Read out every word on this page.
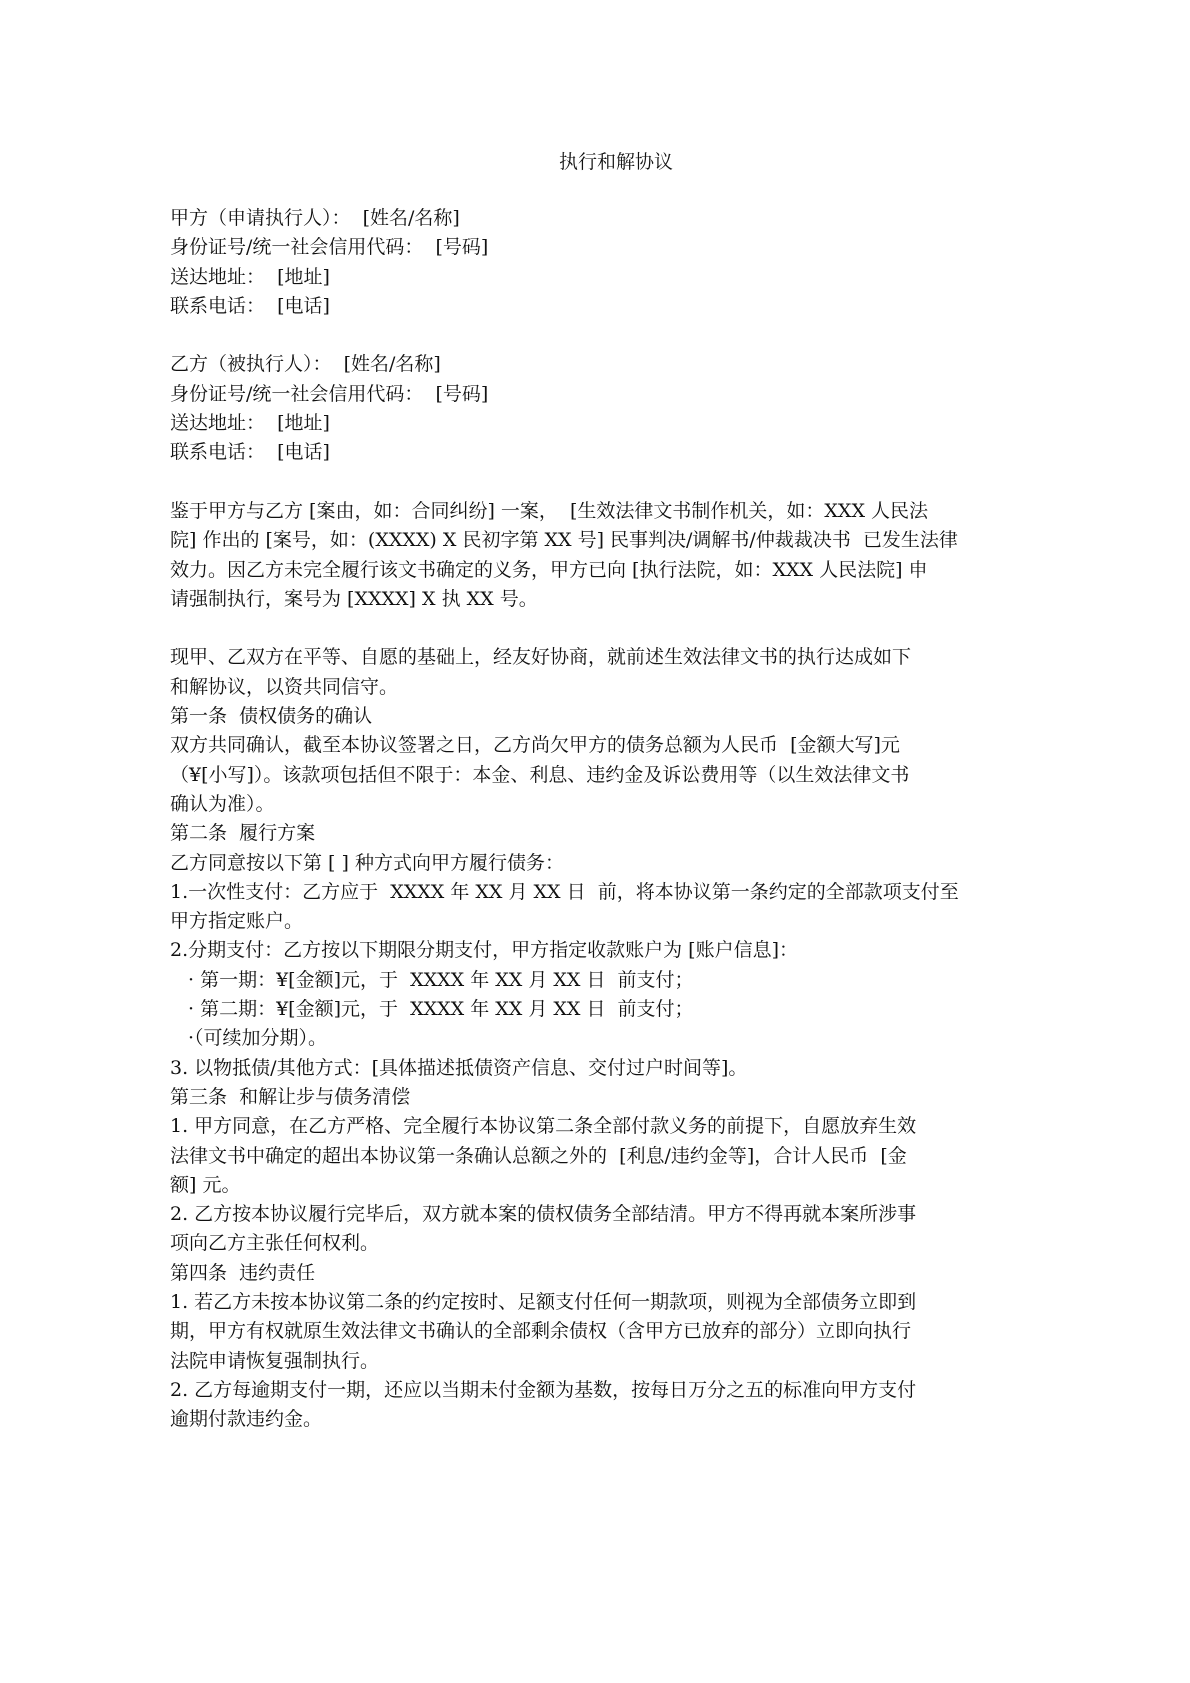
执行和解协议

甲方（申请执行人）：  [姓名/名称]

身份证号/统一社会信用代码：  [号码]

送达地址：  [地址]

联系电话：  [电话]

乙方（被执行人）：  [姓名/名称]

身份证号/统一社会信用代码：  [号码]

送达地址：  [地址]

联系电话：  [电话]

鉴于甲方与乙方 [案由，如：合同纠纷] 一案，  [生效法律文书制作机关，如：XXX 人民法

院] 作出的 [案号，如：(XXXX) X 民初字第 XX 号] 民事判决/调解书/仲裁裁决书  已发生法律

效力。因乙方未完全履行该文书确定的义务，甲方已向 [执行法院，如：XXX 人民法院] 申

请强制执行，案号为 [XXXX] X 执 XX 号。

现甲、乙双方在平等、自愿的基础上，经友好协商，就前述生效法律文书的执行达成如下

和解协议，以资共同信守。

第一条  债权债务的确认

双方共同确认，截至本协议签署之日，乙方尚欠甲方的债务总额为人民币  [金额大写]元

（¥[小写]）。该款项包括但不限于：本金、利息、违约金及诉讼费用等（以生效法律文书

确认为准）。

第二条  履行方案

乙方同意按以下第 [ ] 种方式向甲方履行债务：

1.一次性支付：乙方应于  XXXX 年 XX 月 XX 日  前，将本协议第一条约定的全部款项支付至

甲方指定账户。

2.分期支付：乙方按以下期限分期支付，甲方指定收款账户为 [账户信息]：

· 第一期：¥[金额]元，于  XXXX 年 XX 月 XX 日  前支付；

· 第二期：¥[金额]元，于  XXXX 年 XX 月 XX 日  前支付；

·（可续加分期）。

3. 以物抵债/其他方式：[具体描述抵债资产信息、交付过户时间等]。

第三条  和解让步与债务清偿

1. 甲方同意，在乙方严格、完全履行本协议第二条全部付款义务的前提下，自愿放弃生效

法律文书中确定的超出本协议第一条确认总额之外的  [利息/违约金等]，合计人民币  [金

额] 元。

2. 乙方按本协议履行完毕后，双方就本案的债权债务全部结清。甲方不得再就本案所涉事

项向乙方主张任何权利。

第四条  违约责任

1. 若乙方未按本协议第二条的约定按时、足额支付任何一期款项，则视为全部债务立即到

期，甲方有权就原生效法律文书确认的全部剩余债权（含甲方已放弃的部分）立即向执行

法院申请恢复强制执行。

2. 乙方每逾期支付一期，还应以当期未付金额为基数，按每日万分之五的标准向甲方支付

逾期付款违约金。
